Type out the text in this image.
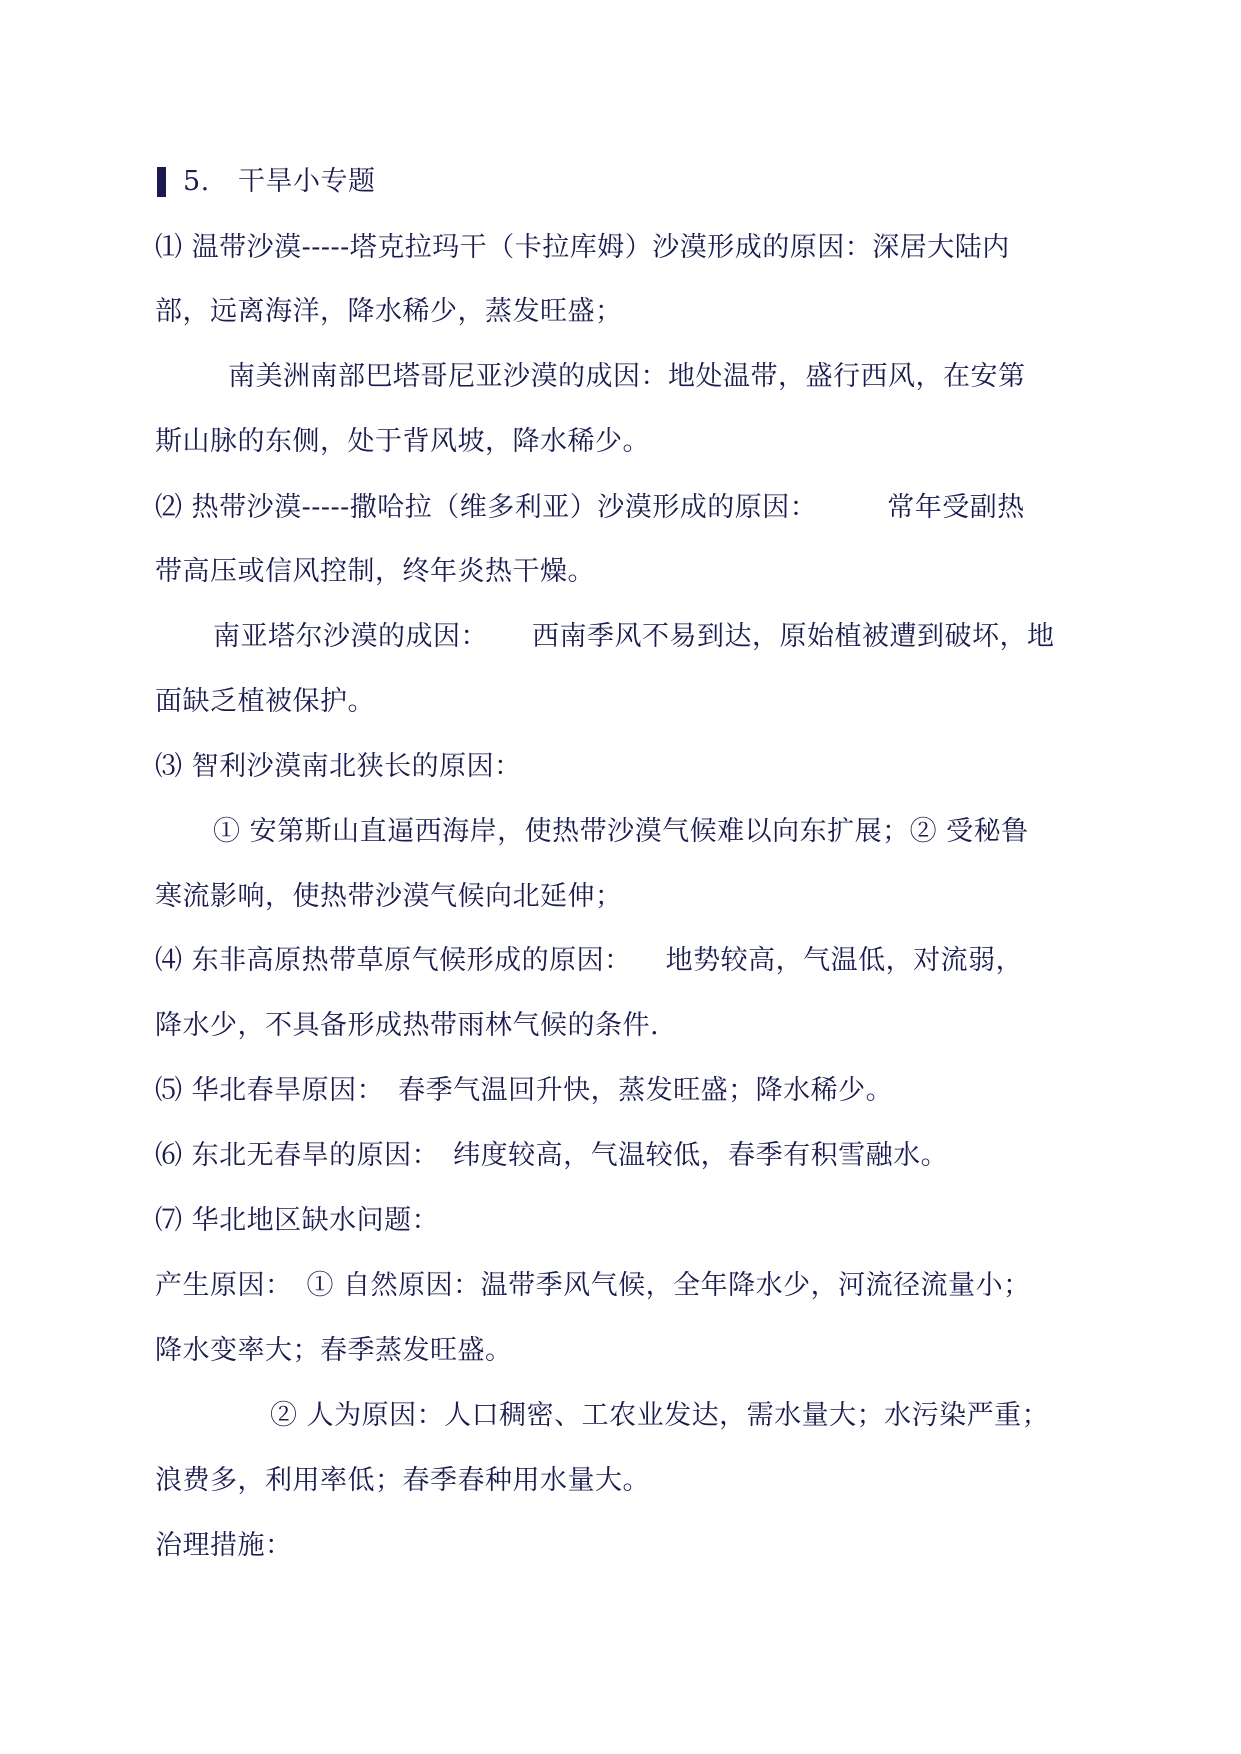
5. 干旱小专题
⑴ 温带沙漠-----塔克拉玛干（卡拉库姆）沙漠形成的原因：深居大陆内
部，远离海洋，降水稀少，蒸发旺盛；
南美洲南部巴塔哥尼亚沙漠的成因：地处温带，盛行西风，在安第
斯山脉的东侧，处于背风坡，降水稀少。
⑵ 热带沙漠-----撒哈拉（维多利亚）沙漠形成的原因：	常年受副热
带高压或信风控制，终年炎热干燥。
南亚塔尔沙漠的成因： 西南季风不易到达，原始植被遭到破坏，地
面缺乏植被保护。
⑶ 智利沙漠南北狭长的原因：
① 安第斯山直逼西海岸，使热带沙漠气候难以向东扩展；② 受秘鲁
寒流影响，使热带沙漠气候向北延伸；
⑷ 东非高原热带草原气候形成的原因： 地势较高，气温低，对流弱，
降水少，不具备形成热带雨林气候的条件.
⑸ 华北春旱原因： 春季气温回升快，蒸发旺盛；降水稀少。
⑹ 东北无春旱的原因： 纬度较高，气温较低，春季有积雪融水。
⑺ 华北地区缺水问题：
产生原因： ① 自然原因：温带季风气候，全年降水少，河流径流量小；
降水变率大；春季蒸发旺盛。
② 人为原因：人口稠密、工农业发达，需水量大；水污染严重；
浪费多，利用率低；春季春种用水量大。
治理措施：
